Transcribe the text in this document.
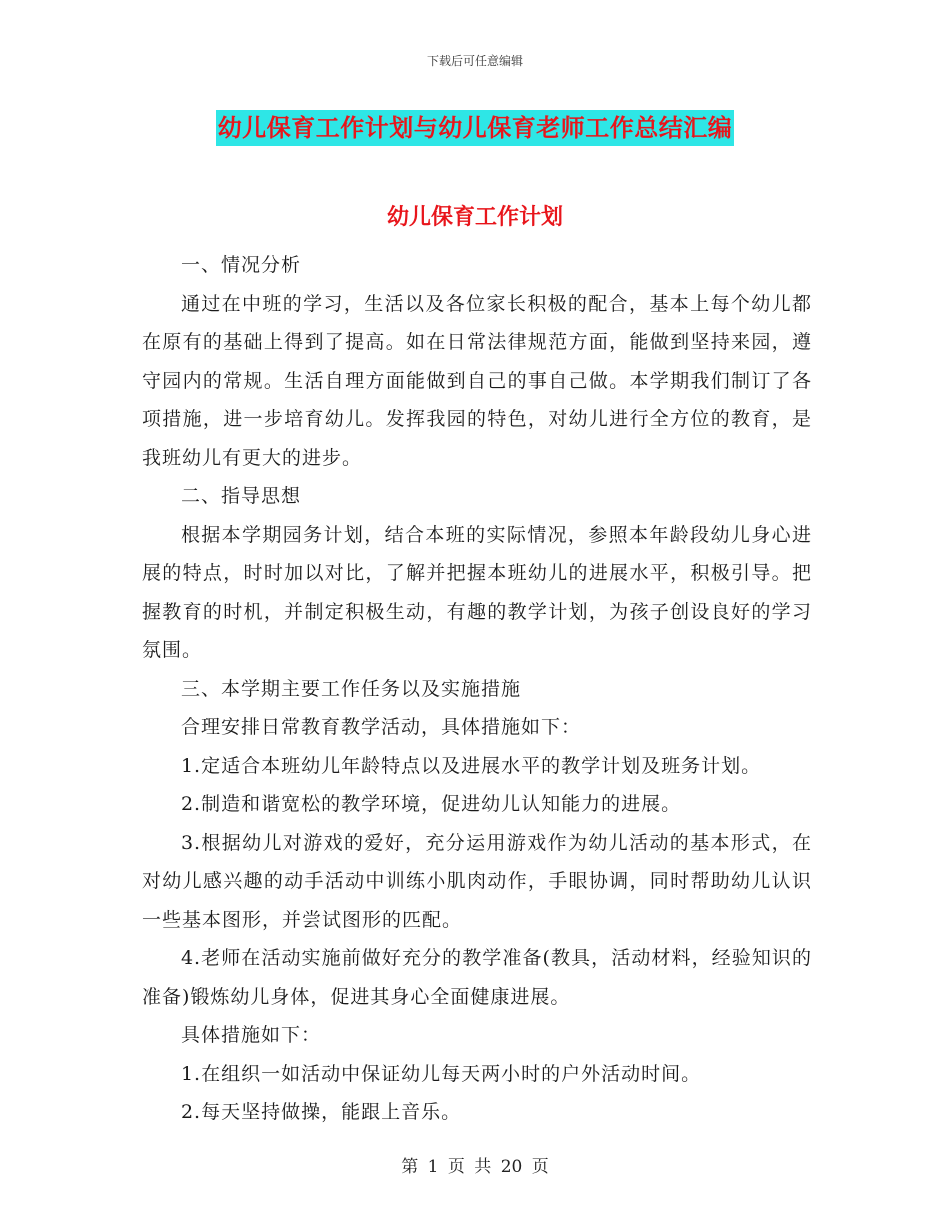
下载后可任意编辑
幼儿保育工作计划与幼儿保育老师工作总结汇编
幼儿保育工作计划

一、情况分析

通过在中班的学习，生活以及各位家长积极的配合，基本上每个幼儿都在原有的基础上得到了提高。如在日常法律规范方面，能做到坚持来园，遵守园内的常规。生活自理方面能做到自己的事自己做。本学期我们制订了各项措施，进一步培育幼儿。发挥我园的特色，对幼儿进行全方位的教育，是我班幼儿有更大的进步。

二、指导思想

根据本学期园务计划，结合本班的实际情况，参照本年龄段幼儿身心进展的特点，时时加以对比，了解并把握本班幼儿的进展水平，积极引导。把握教育的时机，并制定积极生动，有趣的教学计划，为孩子创设良好的学习氛围。

三、本学期主要工作任务以及实施措施

合理安排日常教育教学活动，具体措施如下：

1.定适合本班幼儿年龄特点以及进展水平的教学计划及班务计划。

2.制造和谐宽松的教学环境，促进幼儿认知能力的进展。

3.根据幼儿对游戏的爱好，充分运用游戏作为幼儿活动的基本形式，在对幼儿感兴趣的动手活动中训练小肌肉动作，手眼协调，同时帮助幼儿认识一些基本图形，并尝试图形的匹配。

4.老师在活动实施前做好充分的教学准备(教具，活动材料，经验知识的准备)锻炼幼儿身体，促进其身心全面健康进展。

具体措施如下：

1.在组织一如活动中保证幼儿每天两小时的户外活动时间。

2.每天坚持做操，能跟上音乐。

第 1 页 共 20 页
